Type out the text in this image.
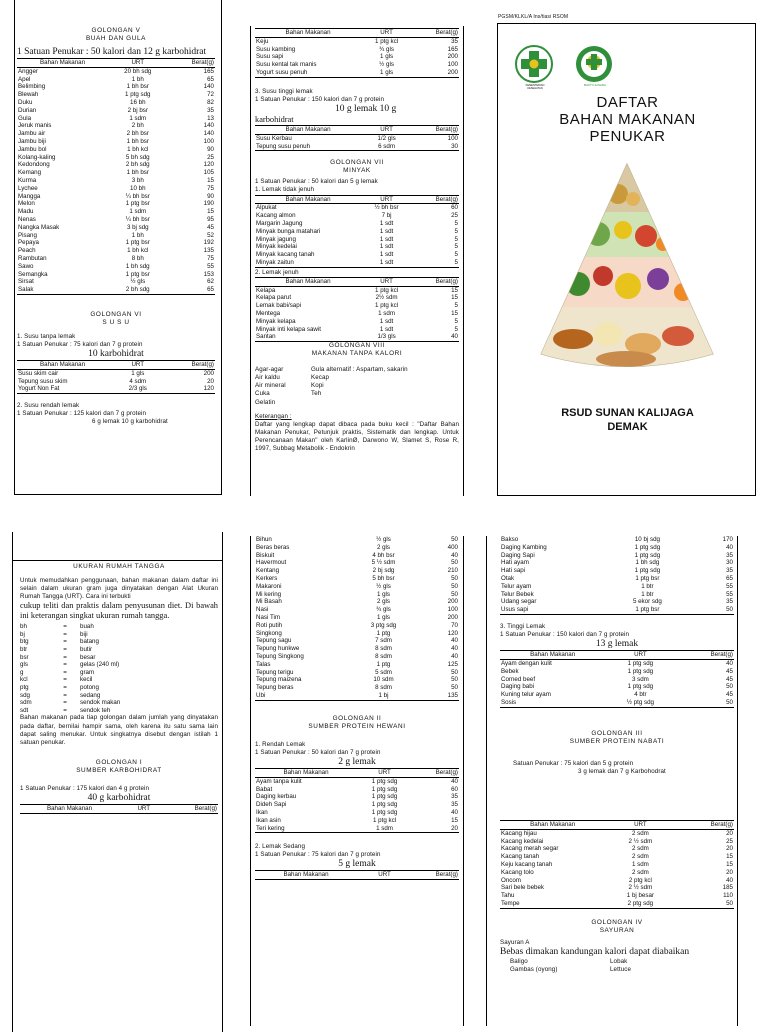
GOLONGAN V
BUAH DAN GULA
1 Satuan Penukar : 50 kalori dan 12 g karbohidrat
Bahan Makanan	URT	Berat(g)
Angger	20 bh sdg	165
Apel	1 bh	65
Belimbing	1 bh bsr	140
Blewah	1 ptg sdg	72
Duku	16 bh	82
Durian	2 bj bsr	35
Gula	1 sdm	13
Jeruk manis	2 bh	140
Jambu air	2 bh bsr	140
Jambu biji	1 bh bsr	100
Jambu bol	1 bh kcl	90
Kolang-kaling	5 bh sdg	25
Kedondong	2 bh sdg	120
Kemang	1 bh bsr	105
Kurma	3 bh	15
Lychee	10 bh	75
Mangga	¼ bh bsr	90
Melon	1 ptg bsr	190
Madu	1 sdm	15
Nenas	¼ bh bsr	95
Nangka Masak	3 bj sdg	45
Pisang	1 bh	52
Pepaya	1 ptg bsr	192
Peach	1 bh kcl	135
Rambutan	8 bh	75
Sawo	1 bh sdg	55
Semangka	1 ptg bsr	153
Sirsat	½ gls	62
Salak	2 bh sdg	65
GOLONGAN VI
S U S U
1. Susu tanpa lemak
1 Satuan Penukar : 75 kalori dan 7 g protein
10 karbohidrat
Bahan Makanan	URT	Berat(g)
Susu skim cair	1 gls	200
Tepung susu skim	4 sdm	20
Yogurt Non Fat	2/3 gls	120
2. Susu rendah lemak
1 Satuan Penukar : 125 kalori dan 7 g protein
6 g lemak 10 g karbohidrat
Bahan Makanan	URT	Berat(g)
Keju	1 ptg kcl	35
Susu kambing	¾ gls	165
Susu sapi	1 gls	200
Susu kental tak manis	½ gls	100
Yogurt susu penuh	1 gls	200
3. Susu tinggi lemak
1 Satuan Penukar : 150 kalori dan 7 g protein
10 g lemak 10 g
karbohidrat
Bahan Makanan	URT	Berat(g)
Susu Kerbau	1/2 gls	100
Tepung susu penuh	6 sdm	30
GOLONGAN VII
MINYAK
1 Satuan Penukar : 50 kalori dan 5 g lemak
1. Lemak tidak jenuh
Bahan Makanan	URT	Berat(g)
Alpukat	½ bh bsr	60
Kacang almon	7 bj	25
Margarin Jagung	1 sdt	5
Minyak bunga matahari	1 sdt	5
Minyak jagung	1 sdt	5
Minyak kedelai	1 sdt	5
Minyak kacang tanah	1 sdt	5
Minyak zaitun	1 sdt	5
2. Lemak jenuh
Bahan Makanan	URT	Berat(g)
Kelapa	1 ptg kcl	15
Kelapa parut	2½ sdm	15
Lemak babi/sapi	1 ptg kcl	5
Mentega	1 sdm	15
Minyak kelapa	1 sdt	5
Minyak inti kelapa sawit	1 sdt	5
Santan	1/3 gls	40
GOLONGAN VIII
MAKANAN TANPA KALORI
Agar-agar	Gula alternatif : Aspartam, sakarin
Air kaldu	Kecap
Air mineral	Kopi
Cuka	Teh
Gelatin
Keterangan :
Daftar yang lengkap dapat dibaca pada buku kecil : "Daftar Bahan Makanan Penukar, Petunjuk praktis, Sistematik dan lengkap. Untuk Perencanaan Makan" oleh KarlinØ, Darwono W, Slamet S, Rose R, 1997, Subbag Metabolik - Endokrin
PGSM/KLKL/A Ins/tiasi RSOM
KEMENTERIAN KESEHATAN
BAKTI HUSADA
DAFTAR
BAHAN MAKANAN
PENUKAR
RSUD SUNAN KALIJAGA
DEMAK
UKURAN RUMAH TANGGA
Untuk memudahkan penggunaan, bahan makanan dalam daftar ini selain dalam ukuran gram juga dinyatakan dengan Alat Ukuran Rumah Tangga (URT). Cara ini terbukti
cukup teliti dan praktis dalam penyusunan diet. Di bawah ini keterangan singkat ukuran rumah tangga.
bh	=	buah
bj	=	biji
btg	=	batang
btr	=	butir
bsr	=	besar
gls	=	gelas (240 ml)
g	=	gram
kcl	=	kecil
ptg	=	potong
sdg	=	sedang
sdm	=	sendok makan
sdt	=	sendok teh
Bahan makanan pada tiap golongan dalam jumlah yang dinyatakan pada daftar, bernilai hampir sama, oleh karena itu satu sama lain dapat saling menukar. Untuk singkatnya disebut dengan istilah 1 satuan penukar.
GOLONGAN I
SUMBER KARBOHIDRAT
1 Satuan Penukar : 175 kalori dan 4 g protein
40 g karbohidrat
Bahan Makanan	URT	Berat(g)
Bihun	½ gls	50
Beras beras	2 gls	400
Biskuit	4 bh bsr	40
Havermout	5 ½ sdm	50
Kentang	2 bj sdg	210
Kerkers	5 bh bsr	50
Makaroni	½ gls	50
Mi kering	1 gls	50
Mi Basah	2 gls	200
Nasi	¾ gls	100
Nasi Tim	1 gls	200
Roti putih	3 ptg sdg	70
Singkong	1 ptg	120
Tepung sagu	7 sdm	40
Tepung hunkwe	8 sdm	40
Tepung Singkong	8 sdm	40
Talas	1 ptg	125
Tepung terigu	5 sdm	50
Tepung maizena	10 sdm	50
Tepung beras	8 sdm	50
Ubi	1 bj	135
GOLONGAN II
SUMBER PROTEIN HEWANI
1. Rendah Lemak
1 Satuan Penukar : 50 kalori dan 7 g protein
2 g lemak
Bahan Makanan	URT	Berat(g)
Ayam tanpa kulit	1 ptg sdg	40
Babat	1 ptg sdg	60
Daging kerbau	1 ptg sdg	35
Dideh Sapi	1 ptg sdg	35
Ikan	1 ptg sdg	40
Ikan asin	1 ptg kcl	15
Teri kering	1 sdm	20
2. Lemak Sedang
1 Satuan Penukar : 75 kalori dan 7 g protein
5 g lemak
Bahan Makanan	URT	Berat(g)
Bakso	10 bj sdg	170
Daging Kambing	1 ptg sdg	40
Daging Sapi	1 ptg sdg	35
Hati ayam	1 bh sdg	30
Hati sapi	1 ptg sdg	35
Otak	1 ptg bsr	65
Telur ayam	1 btr	55
Telur Bebek	1 btr	55
Udang segar	5 ekor sdg	35
Usus sapi	1 ptg bsr	50
3. Tinggi Lemak
1 Satuan Penukar : 150 kalori dan 7 g protein
13 g lemak
Bahan Makanan	URT	Berat(g)
Ayam dengan kulit	1 ptg sdg	40
Bebek	1 ptg sdg	45
Corned beef	3 sdm	45
Daging babi	1 ptg sdg	50
Kuning telur ayam	4 btr	45
Sosis	½ ptg sdg	50
GOLONGAN III
SUMBER PROTEIN NABATI
Satuan Penukar : 75 kalori dan 5 g protein
3 g lemak dan 7 g Karbohodrat
Bahan Makanan	URT	Berat(g)
Kacang hijau	2 sdm	20
Kacang kedelai	2 ½ sdm	25
Kacang merah segar	2 sdm	20
Kacang tanah	2 sdm	15
Keju kacang tanah	1 sdm	15
Kacang tolo	2 sdm	20
Oncom	2 ptg kcl	40
Sari bele bebek	2 ½ sdm	185
Tahu	1 bj besar	110
Tempe	2 ptg sdg	50
GOLONGAN IV
SAYURAN
Sayuran A
Bebas dimakan kandungan kalori dapat diabaikan
Baligo	Lobak
Gambas (oyong)	Lettuce
